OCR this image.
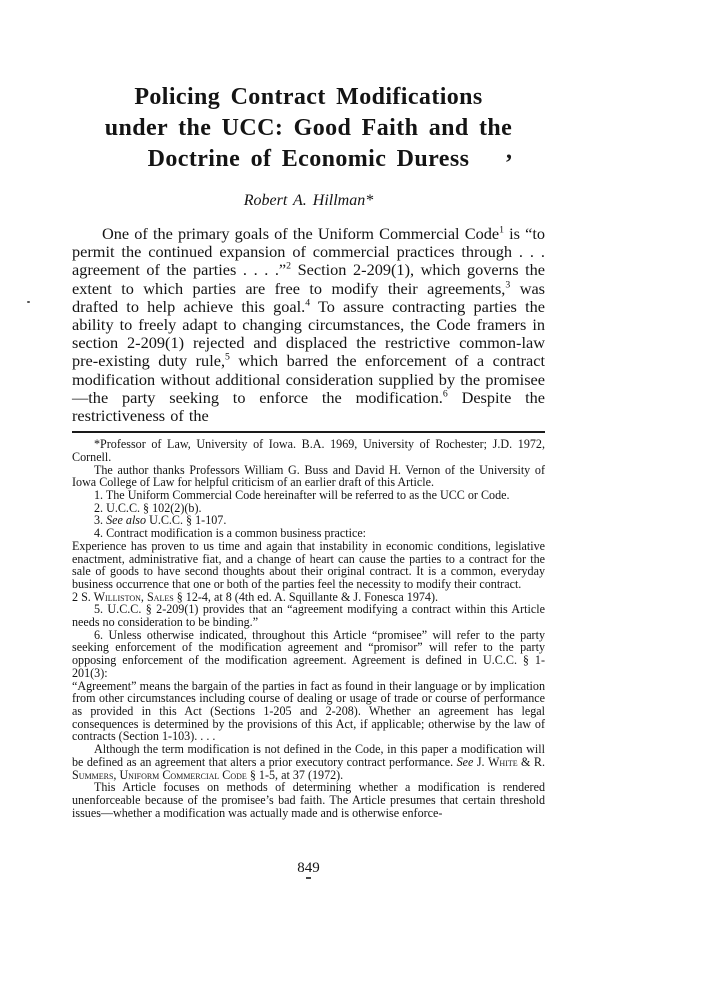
,
Policing Contract Modifications
under the UCC: Good Faith and the
Doctrine of Economic Duress
Robert A. Hillman*

One of the primary goals of the Uniform Commercial Code$^1$ is “to permit the continued expansion of commercial practices through . . . agreement of the parties . . . .”$^2$ Section 2-209(1), which governs the extent to which parties are free to modify their agreements,$^3$ was drafted to help achieve this goal.$^4$ To assure contracting parties the ability to freely adapt to changing circumstances, the Code framers in section 2-209(1) rejected and displaced the restrictive common-law pre-existing duty rule,$^5$ which barred the enforcement of a contract modification without additional consideration supplied by the promisee—the party seeking to enforce the modification.$^6$ Despite the restrictiveness of the

*Professor of Law, University of Iowa. B.A. 1969, University of Rochester; J.D. 1972, Cornell.

The author thanks Professors William G. Buss and David H. Vernon of the University of Iowa College of Law for helpful criticism of an earlier draft of this Article.

1. The Uniform Commercial Code hereinafter will be referred to as the UCC or Code.

2. U.C.C. § 102(2)(b).

3. See also U.C.C. § 1-107.

4. Contract modification is a common business practice:

Experience has proven to us time and again that instability in economic conditions, legislative enactment, administrative fiat, and a change of heart can cause the parties to a contract for the sale of goods to have second thoughts about their original contract. It is a common, everyday business occurrence that one or both of the parties feel the necessity to modify their contract.

2 S. Williston, Sales § 12-4, at 8 (4th ed. A. Squillante & J. Fonesca 1974).

5. U.C.C. § 2-209(1) provides that an “agreement modifying a contract within this Article needs no consideration to be binding.”

6. Unless otherwise indicated, throughout this Article “promisee” will refer to the party seeking enforcement of the modification agreement and “promisor” will refer to the party opposing enforcement of the modification agreement. Agreement is defined in U.C.C. § 1-201(3):

“Agreement” means the bargain of the parties in fact as found in their language or by implication from other circumstances including course of dealing or usage of trade or course of performance as provided in this Act (Sections 1-205 and 2-208). Whether an agreement has legal consequences is determined by the provisions of this Act, if applicable; otherwise by the law of contracts (Section 1-103). . . .

Although the term modification is not defined in the Code, in this paper a modification will be defined as an agreement that alters a prior executory contract performance. See J. White & R. Summers, Uniform Commercial Code § 1-5, at 37 (1972).

This Article focuses on methods of determining whether a modification is rendered unenforceable because of the promisee’s bad faith. The Article presumes that certain threshold issues—whether a modification was actually made and is otherwise enforce-

849
